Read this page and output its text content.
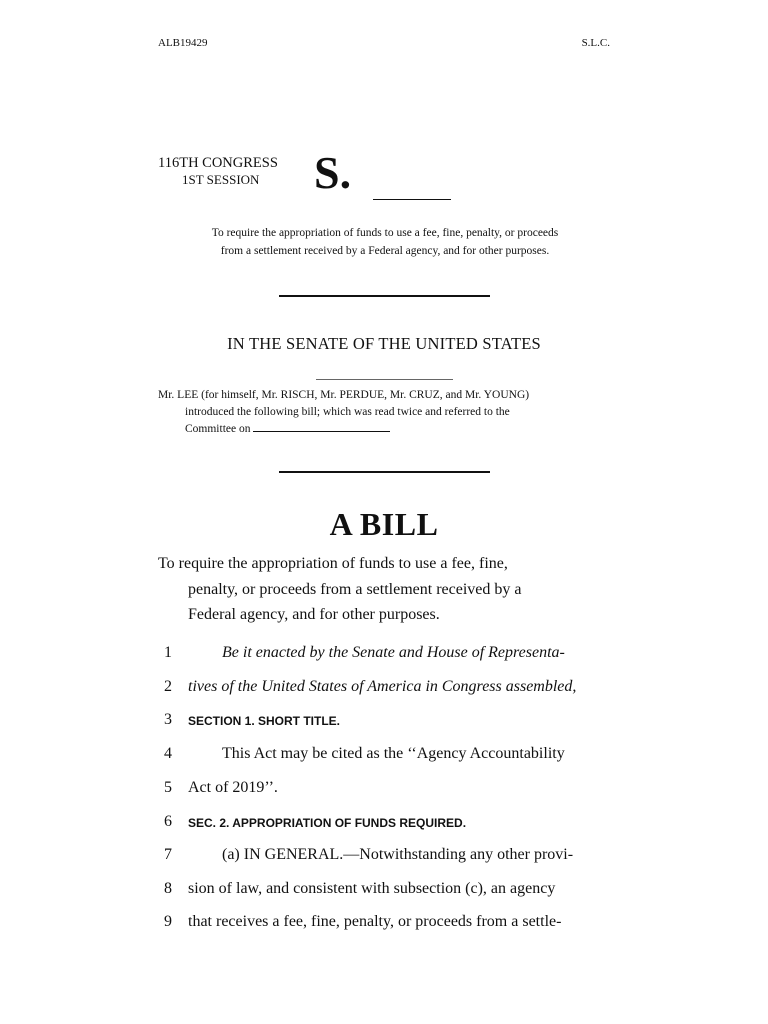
ALB19429	S.L.C.
116TH CONGRESS
1ST SESSION S.
To require the appropriation of funds to use a fee, fine, penalty, or proceeds
from a settlement received by a Federal agency, and for other purposes.
IN THE SENATE OF THE UNITED STATES
Mr. LEE (for himself, Mr. RISCH, Mr. PERDUE, Mr. CRUZ, and Mr. YOUNG)
introduced the following bill; which was read twice and referred to the
Committee on
A BILL
To require the appropriation of funds to use a fee, fine,
penalty, or proceeds from a settlement received by a
Federal agency, and for other purposes.
1	Be it enacted by the Senate and House of Representa-
2	tives of the United States of America in Congress assembled,
3	SECTION 1. SHORT TITLE.
4	This Act may be cited as the ‘‘Agency Accountability
5	Act of 2019’’.
6	SEC. 2. APPROPRIATION OF FUNDS REQUIRED.
7	(a) IN GENERAL.—Notwithstanding any other provi-
8	sion of law, and consistent with subsection (c), an agency
9	that receives a fee, fine, penalty, or proceeds from a settle-
